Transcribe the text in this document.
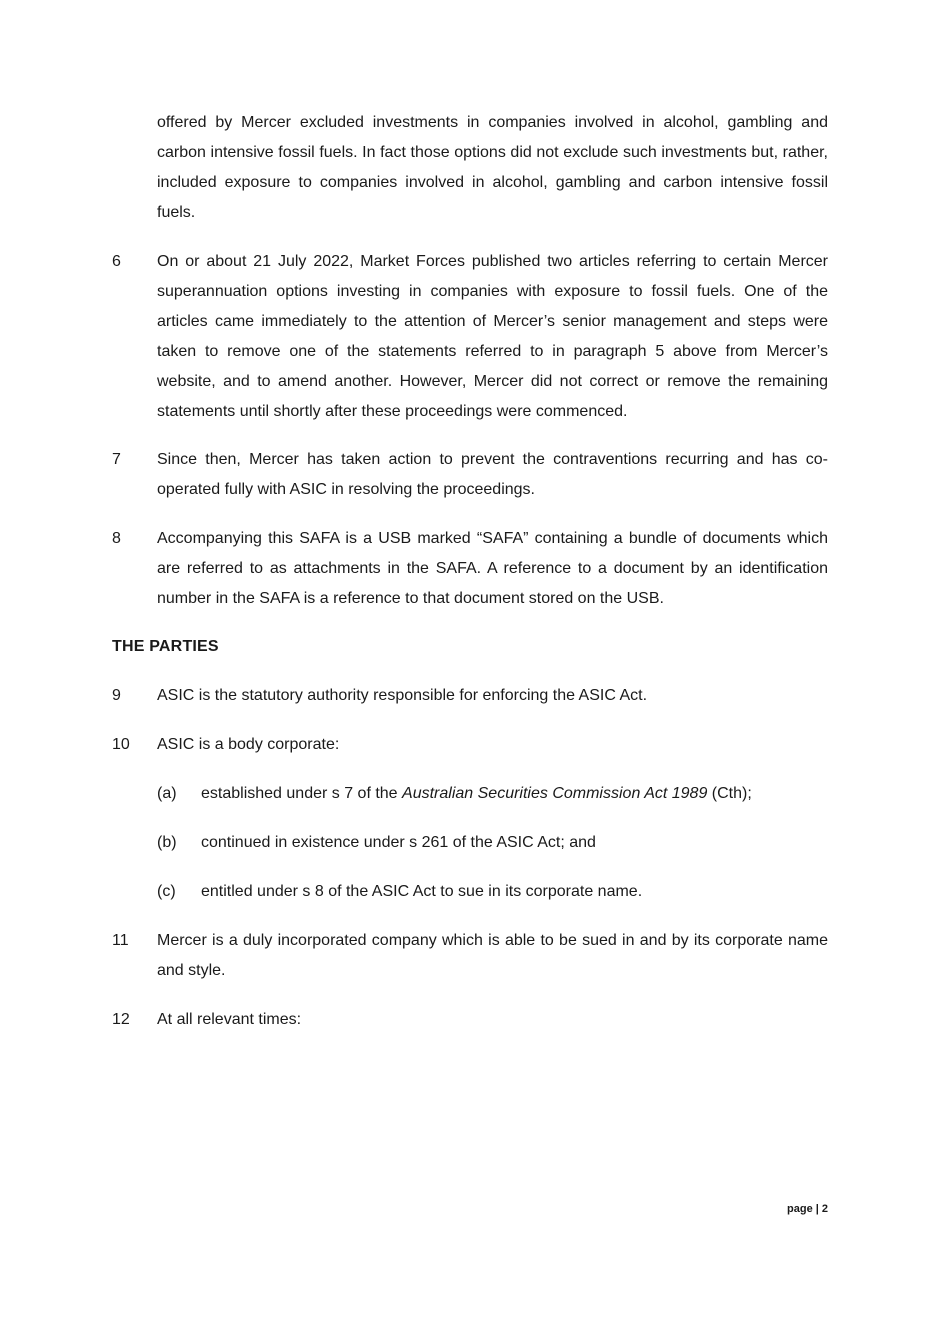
offered by Mercer excluded investments in companies involved in alcohol, gambling and carbon intensive fossil fuels. In fact those options did not exclude such investments but, rather, included exposure to companies involved in alcohol, gambling and carbon intensive fossil fuels.
6	On or about 21 July 2022, Market Forces published two articles referring to certain Mercer superannuation options investing in companies with exposure to fossil fuels. One of the articles came immediately to the attention of Mercer’s senior management and steps were taken to remove one of the statements referred to in paragraph 5 above from Mercer’s website, and to amend another. However, Mercer did not correct or remove the remaining statements until shortly after these proceedings were commenced.
7	Since then, Mercer has taken action to prevent the contraventions recurring and has co-operated fully with ASIC in resolving the proceedings.
8	Accompanying this SAFA is a USB marked “SAFA” containing a bundle of documents which are referred to as attachments in the SAFA. A reference to a document by an identification number in the SAFA is a reference to that document stored on the USB.
THE PARTIES
9	ASIC is the statutory authority responsible for enforcing the ASIC Act.
10	ASIC is a body corporate:
(a)	established under s 7 of the Australian Securities Commission Act 1989 (Cth);
(b)	continued in existence under s 261 of the ASIC Act; and
(c)	entitled under s 8 of the ASIC Act to sue in its corporate name.
11	Mercer is a duly incorporated company which is able to be sued in and by its corporate name and style.
12	At all relevant times:
page | 2
